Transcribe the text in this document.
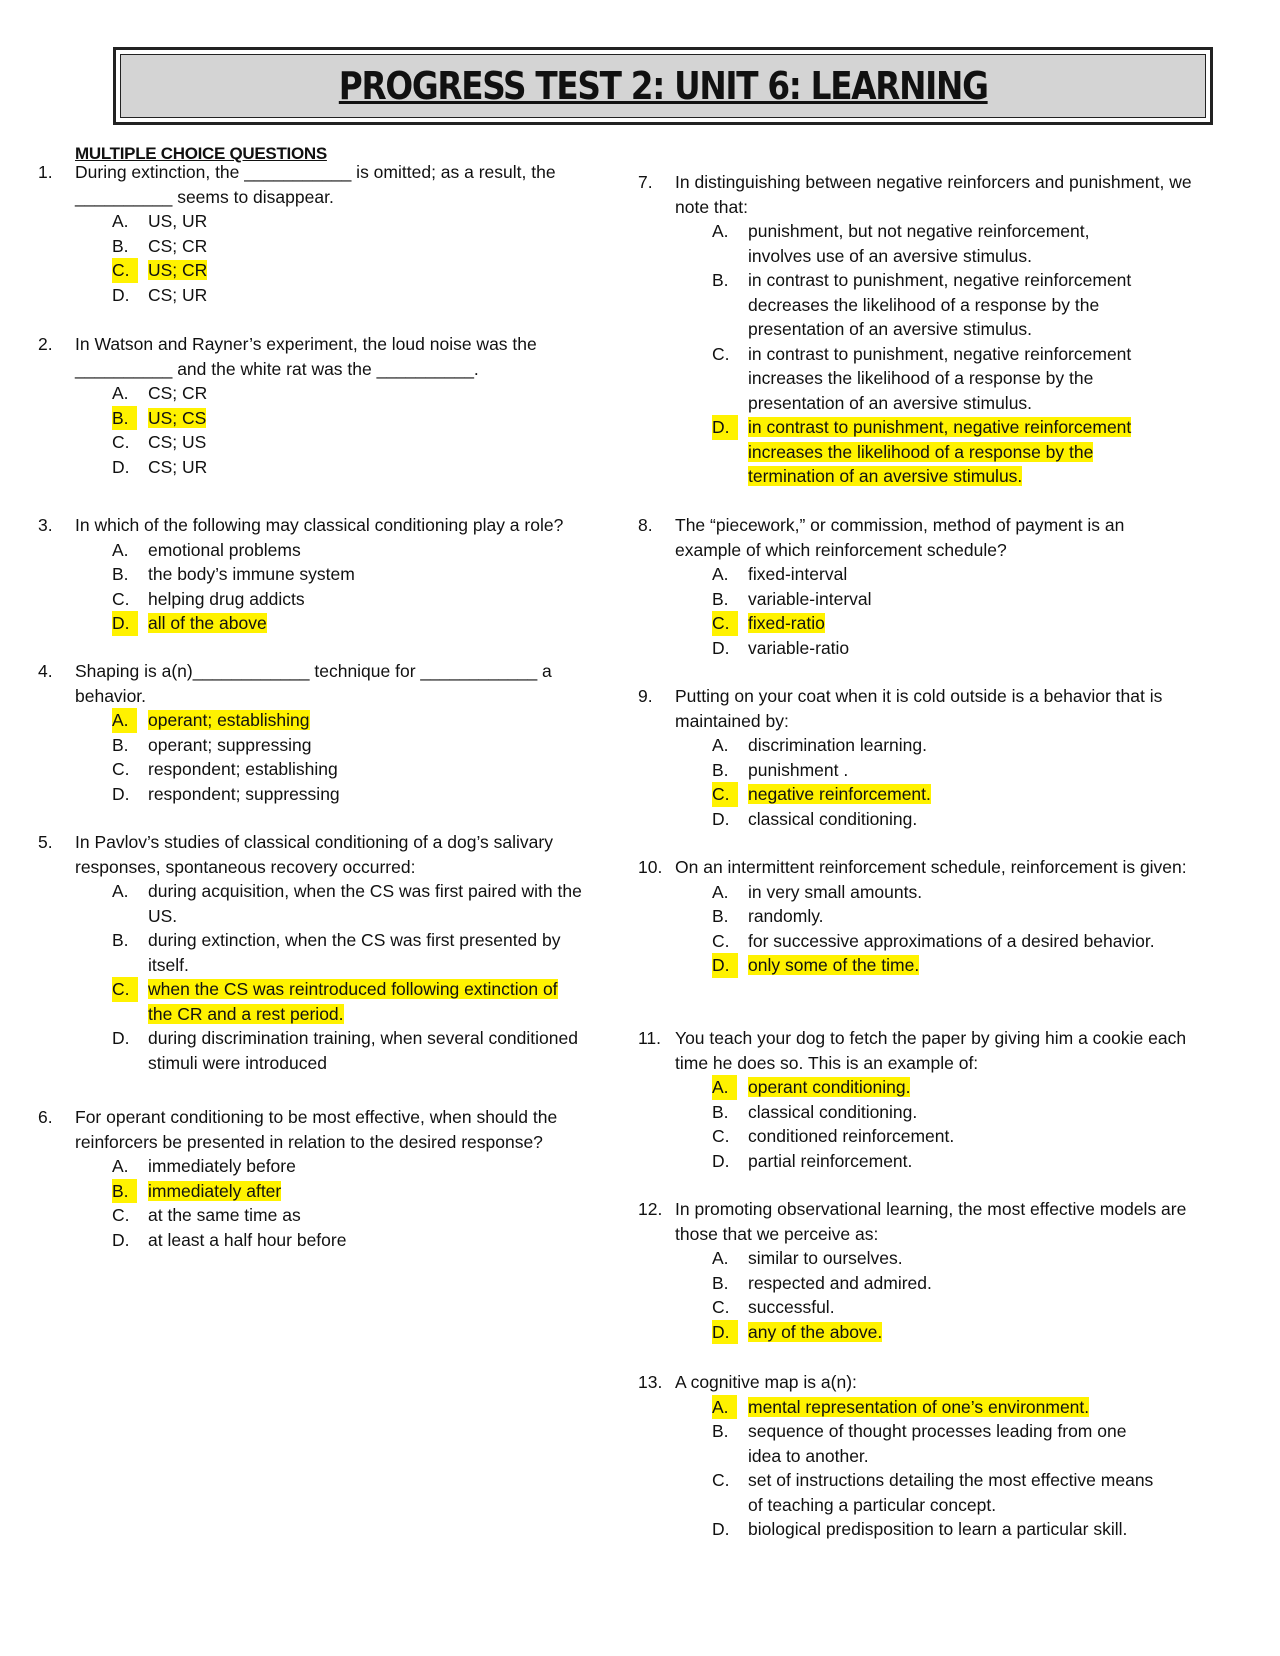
PROGRESS TEST 2: UNIT 6: LEARNING
MULTIPLE CHOICE QUESTIONS
1. During extinction, the ___________ is omitted; as a result, the __________ seems to disappear.
A. US, UR
B. CS; CR
C.	US; CR
D. CS; UR
2. In Watson and Rayner’s experiment, the loud noise was the __________ and the white rat was the __________.
A. CS; CR
B.	US; CS
C. CS; US
D. CS; UR
3. In which of the following may classical conditioning play a role?
A. emotional problems
B. the body’s immune system
C. helping drug addicts
D.	all of the above
4. Shaping is a(n)____________ technique for ____________ a behavior.
A.	operant; establishing
B. operant; suppressing
C. respondent; establishing
D. respondent; suppressing
5. In Pavlov’s studies of classical conditioning of a dog’s salivary responses, spontaneous recovery occurred:
A. during acquisition, when the CS was first paired with the US.
B. during extinction, when the CS was first presented by itself.
C.	when the CS was reintroduced following extinction of the CR and a rest period.
D. during discrimination training, when several conditioned stimuli were introduced
6. For operant conditioning to be most effective, when should the reinforcers be presented in relation to the desired response?
A. immediately before
B.	immediately after
C. at the same time as
D. at least a half hour before
7. In distinguishing between negative reinforcers and punishment, we note that:
A. punishment, but not negative reinforcement, involves use of an aversive stimulus.
B. in contrast to punishment, negative reinforcement decreases the likelihood of a response by the presentation of an aversive stimulus.
C. in contrast to punishment, negative reinforcement increases the likelihood of a response by the presentation of an aversive stimulus.
D.	in contrast to punishment, negative reinforcement increases the likelihood of a response by the termination of an aversive stimulus.
8. The “piecework,” or commission, method of payment is an example of which reinforcement schedule?
A. fixed-interval
B. variable-interval
C.	fixed-ratio
D. variable-ratio
9. Putting on your coat when it is cold outside is a behavior that is maintained by:
A. discrimination learning.
B. punishment .
C.	negative reinforcement.
D. classical conditioning.
10. On an intermittent reinforcement schedule, reinforcement is given:
A. in very small amounts.
B. randomly.
C. for successive approximations of a desired behavior.
D.	only some of the time.
11. You teach your dog to fetch the paper by giving him a cookie each time he does so. This is an example of:
A.	operant conditioning.
B. classical conditioning.
C. conditioned reinforcement.
D. partial reinforcement.
12. In promoting observational learning, the most effective models are those that we perceive as:
A. similar to ourselves.
B. respected and admired.
C. successful.
D.	any of the above.
13. A cognitive map is a(n):
A.	mental representation of one’s environment.
B. sequence of thought processes leading from one idea to another.
C. set of instructions detailing the most effective means of teaching a particular concept.
D. biological predisposition to learn a particular skill.
